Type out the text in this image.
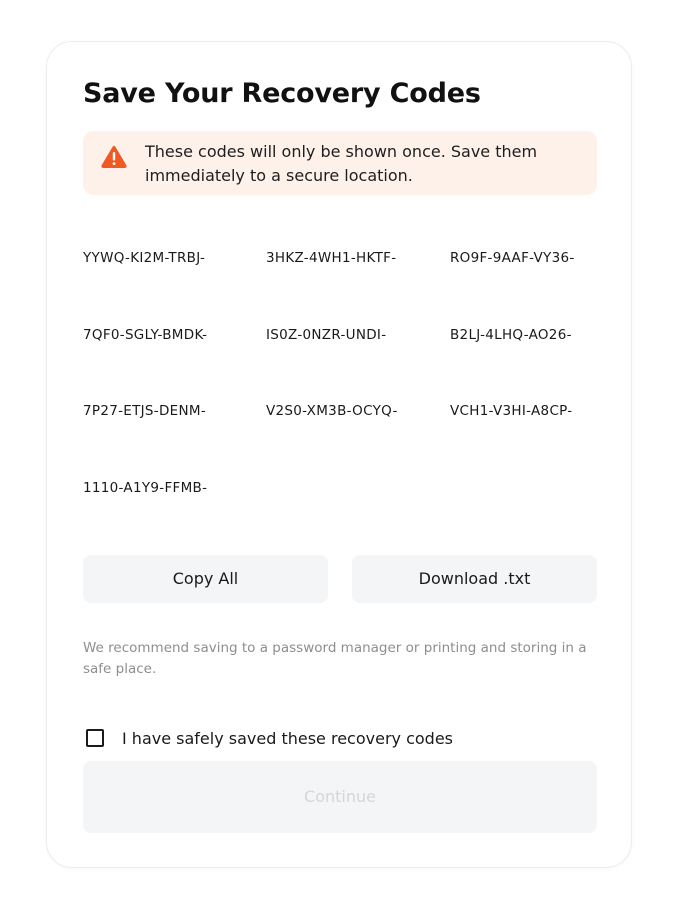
Save Your Recovery Codes
These codes will only be shown once. Save them immediately to a secure location.
YYWQ-KI2M-TRBJ-	3HKZ-4WH1-HKTF-	RO9F-9AAF-VY36-
7QF0-SGLY-BMDK-	IS0Z-0NZR-UNDI-	B2LJ-4LHQ-AO26-
7P27-ETJS-DENM-	V2S0-XM3B-OCYQ-	VCH1-V3HI-A8CP-
1110-A1Y9-FFMB-
Copy All	Download .txt
We recommend saving to a password manager or printing and storing in a safe place.
I have safely saved these recovery codes
Continue
